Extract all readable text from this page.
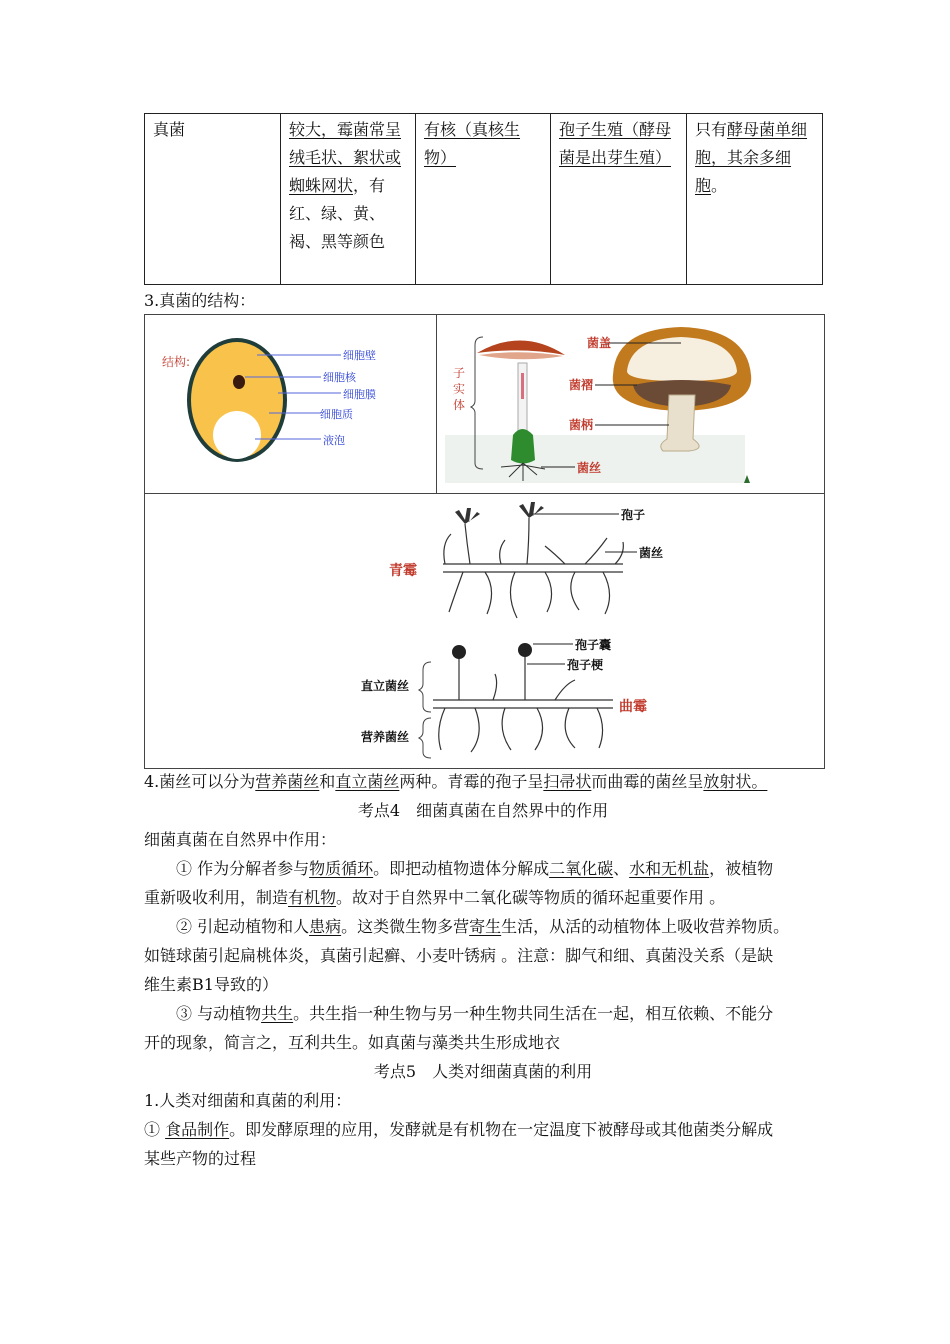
真菌	较大，霉菌常呈
绒毛状、絮状或
蜘蛛网状，有
红、绿、黄、
褐、黑等颜色	有核（真核生
物）	孢子生殖（酵母
菌是出芽生殖）	只有酵母菌单细
胞，其余多细
胞。
3.真菌的结构：
结构:	细胞壁
细胞核
细胞膜
细胞质
液泡
子实体
菌盖
菌褶
菌柄
菌丝
青霉
孢子
菌丝
孢子囊
孢子梗
曲霉
直立菌丝
营养菌丝
4.菌丝可以分为营养菌丝和直立菌丝两种。青霉的孢子呈扫帚状而曲霉的菌丝呈放射状。
考点4　细菌真菌在自然界中的作用
细菌真菌在自然界中作用：
① 作为分解者参与物质循环。即把动植物遗体分解成二氧化碳、水和无机盐，被植物
重新吸收利用，制造有机物。故对于自然界中二氧化碳等物质的循环起重要作用 。
② 引起动植物和人患病。这类微生物多营寄生生活，从活的动植物体上吸收营养物质。
如链球菌引起扁桃体炎，真菌引起癣、小麦叶锈病 。注意：脚气和细、真菌没关系（是缺
维生素B1导致的）
③ 与动植物共生。共生指一种生物与另一种生物共同生活在一起，相互依赖、不能分
开的现象，简言之，互利共生。如真菌与藻类共生形成地衣
考点5　人类对细菌真菌的利用
1.人类对细菌和真菌的利用：
① 食品制作。即发酵原理的应用，发酵就是有机物在一定温度下被酵母或其他菌类分解成
某些产物的过程
